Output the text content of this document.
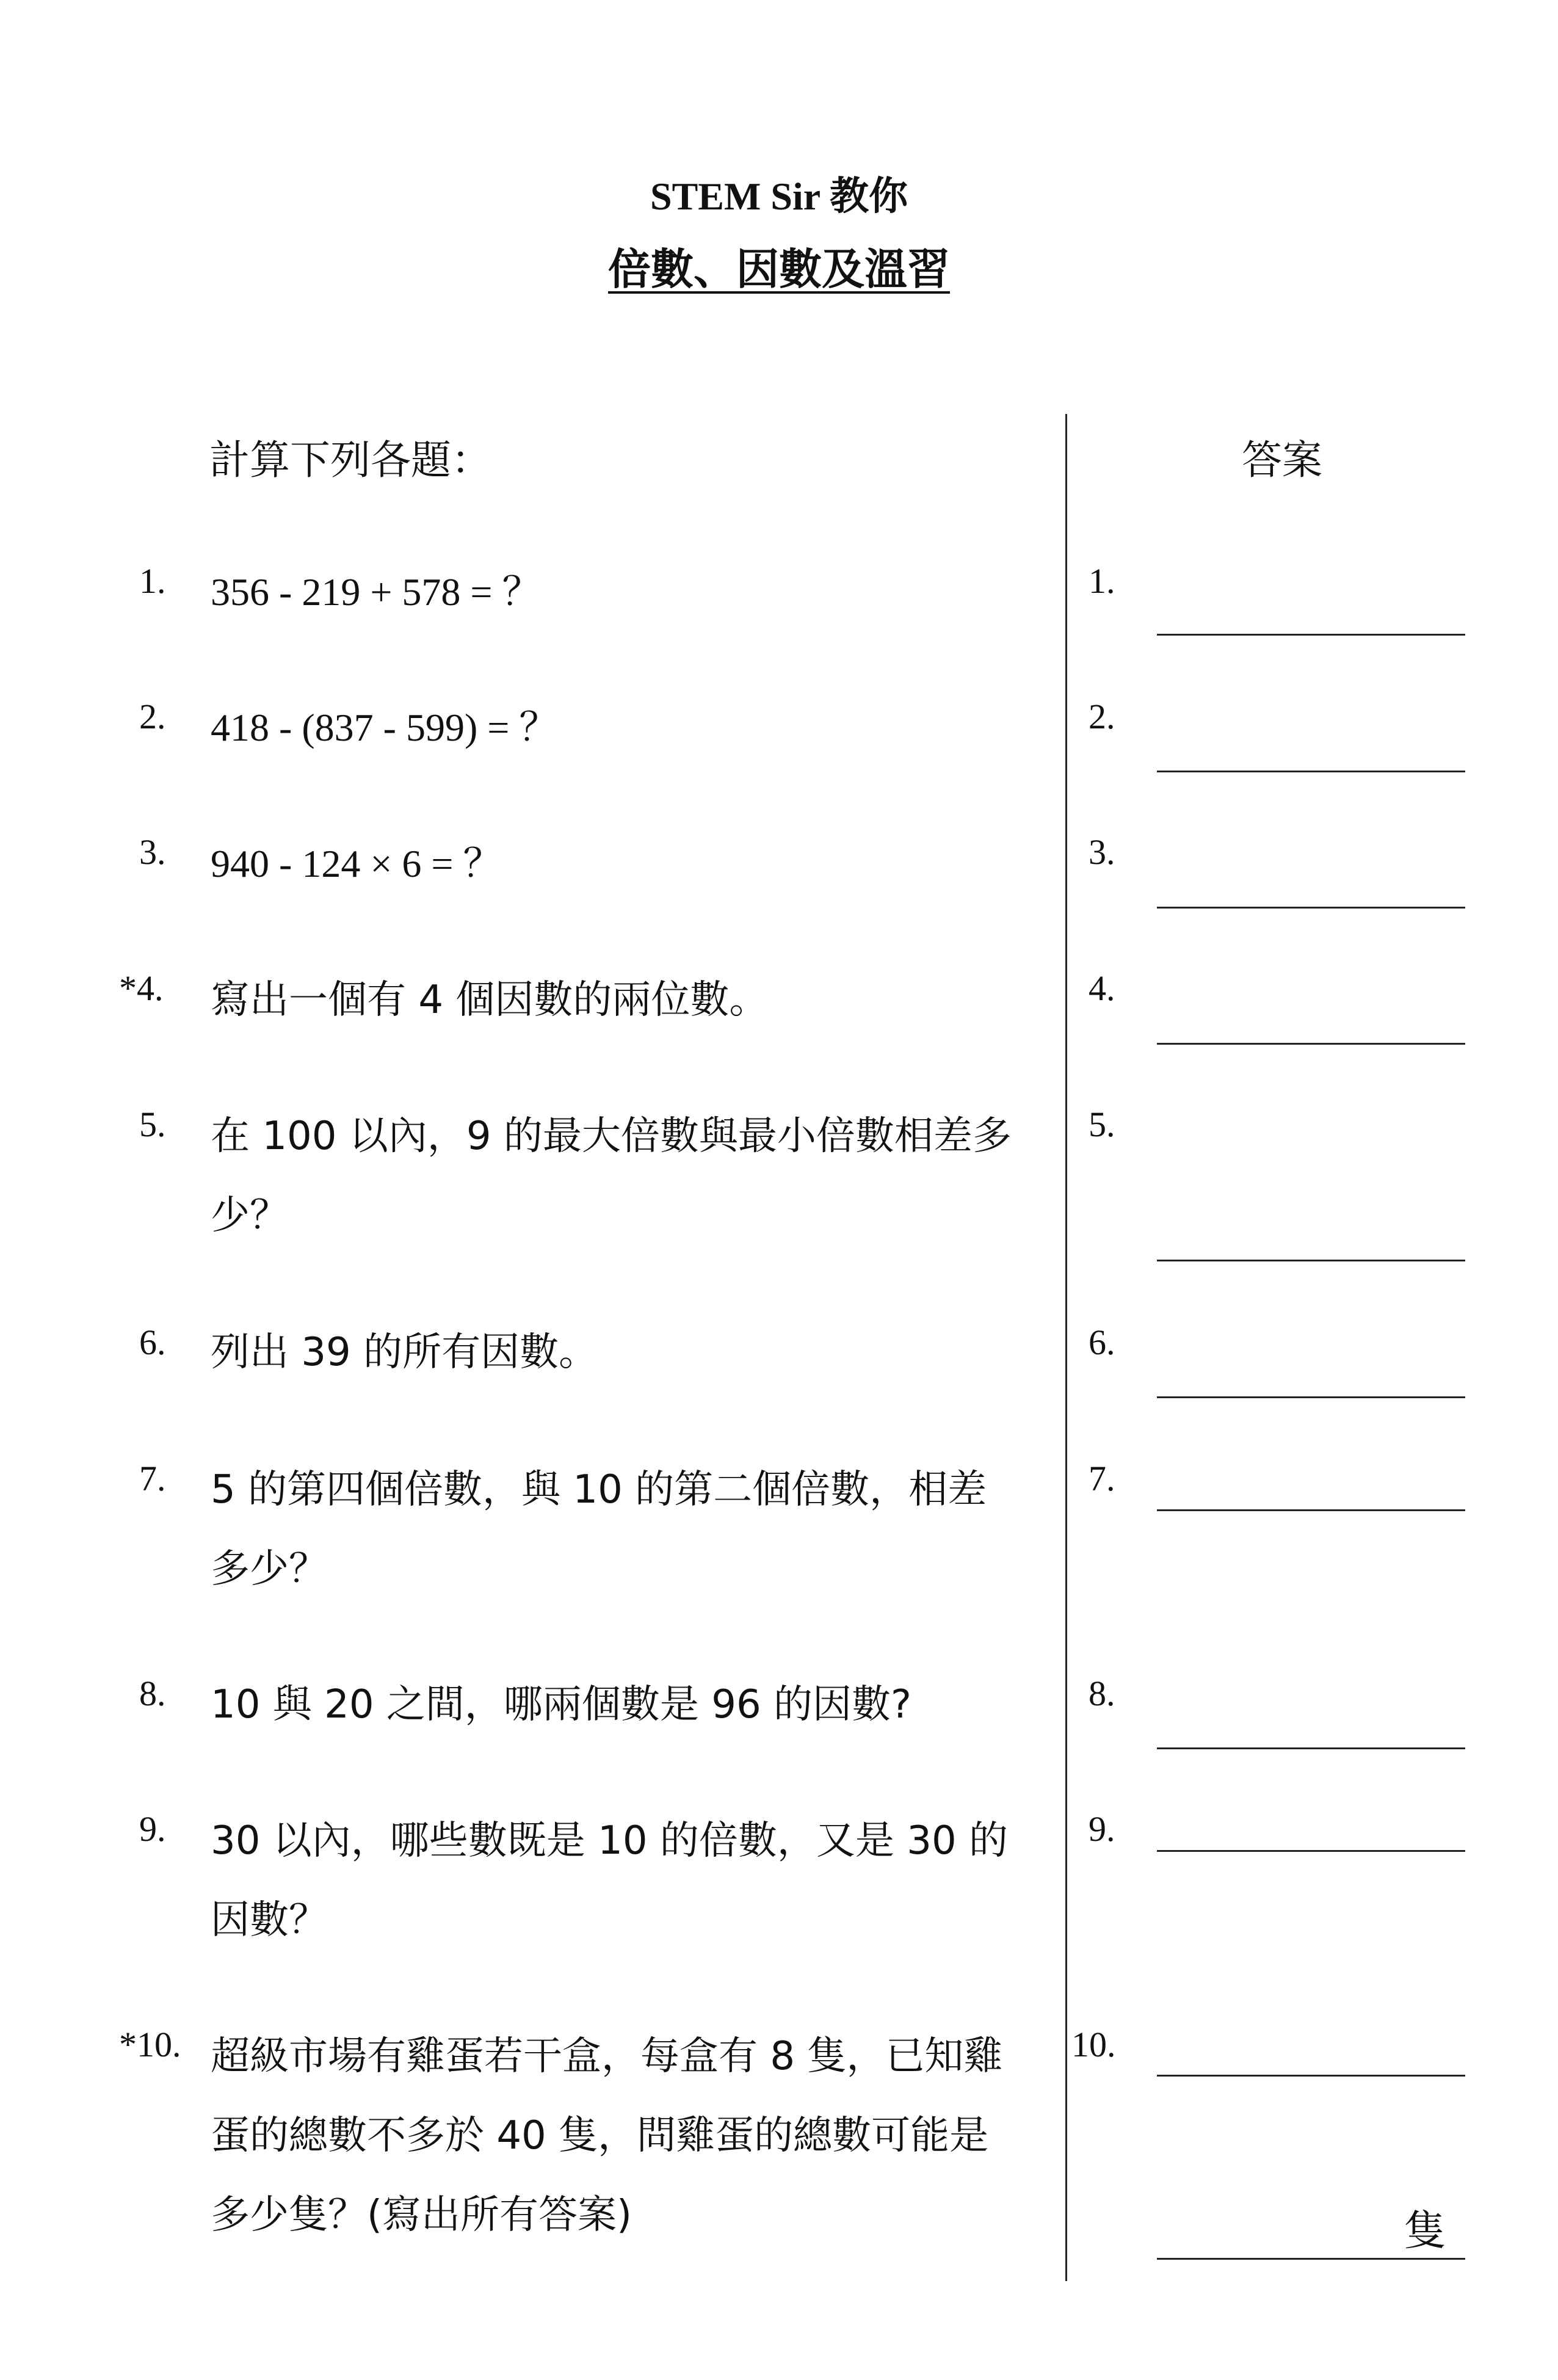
STEM Sir 教你
倍數、因數及溫習
計算下列各題：	答案
1. 356 - 219 + 578 = ？
2. 418 - (837 - 599) = ？
3. 940 - 124 × 6 = ？
*4. 寫出一個有 4 個因數的兩位數。
5. 在 100 以內，9 的最大倍數與最小倍數相差多少？
6. 列出 39 的所有因數。
7. 5 的第四個倍數，與 10 的第二個倍數，相差多少？
8. 10 與 20 之間，哪兩個數是 96 的因數?
9. 30 以內，哪些數既是 10 的倍數，又是 30 的因數？
*10. 超級市場有雞蛋若干盒，每盒有 8 隻，已知雞蛋的總數不多於 40 隻，問雞蛋的總數可能是多少隻？(寫出所有答案)
1.
2.
3.
4.
5.
6.
7.
8.
9.
10.
隻
